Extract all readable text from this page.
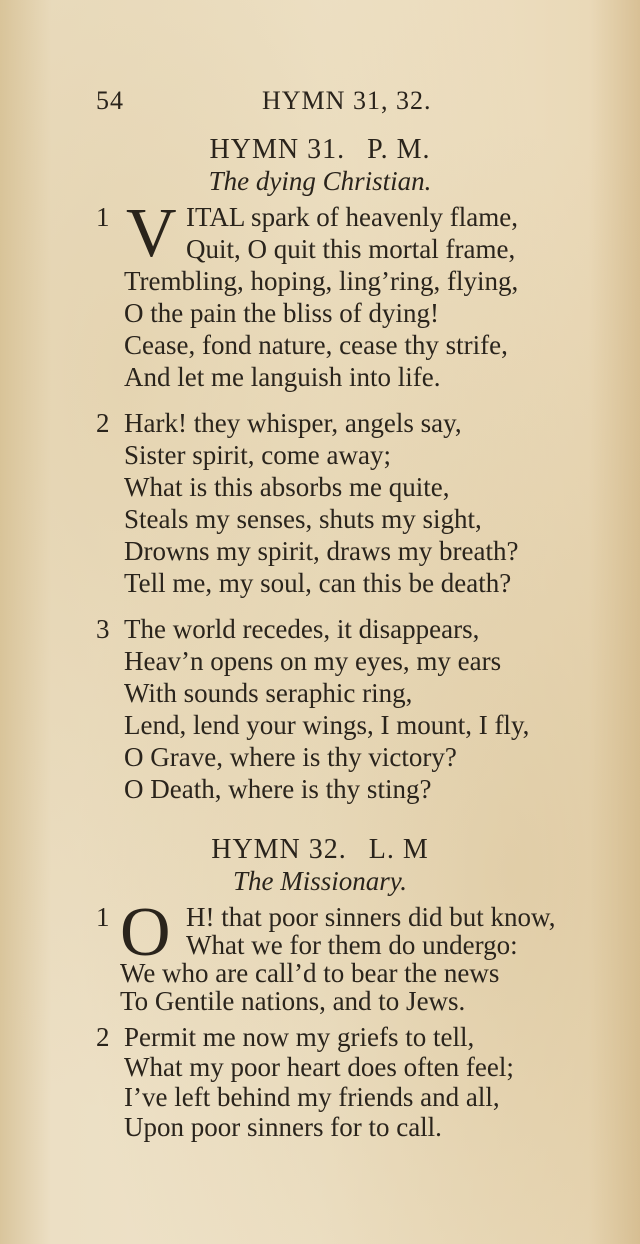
54	HYMN 31, 32.
HYMN 31. P. M.
The dying Christian.
1 V ITAL spark of heavenly flame,
Quit, O quit this mortal frame,
Trembling, hoping, ling’ring, flying,
O the pain the bliss of dying!
Cease, fond nature, cease thy strife,
And let me languish into life.
2 Hark! they whisper, angels say,
Sister spirit, come away;
What is this absorbs me quite,
Steals my senses, shuts my sight,
Drowns my spirit, draws my breath?
Tell me, my soul, can this be death?
3 The world recedes, it disappears,
Heav’n opens on my eyes, my ears
With sounds seraphic ring,
Lend, lend your wings, I mount, I fly,
O Grave, where is thy victory?
O Death, where is thy sting?
HYMN 32. L. M
The Missionary.
1 O H! that poor sinners did but know,
What we for them do undergo:
We who are call’d to bear the news
To Gentile nations, and to Jews.
2 Permit me now my griefs to tell,
What my poor heart does often feel;
I’ve left behind my friends and all,
Upon poor sinners for to call.
